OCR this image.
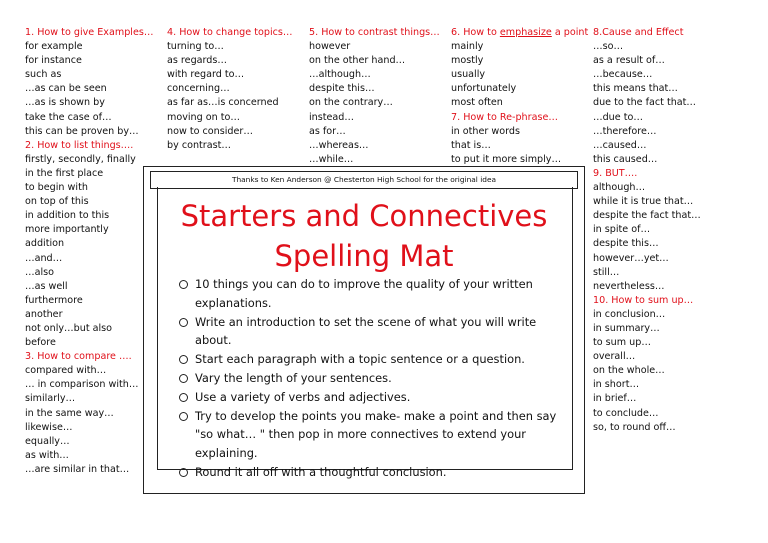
1. How to give Examples…
for example
for instance
such as
…as can be seen
…as is shown by
take the case of…
this can be proven by…
2. How to list things….
firstly, secondly, finally
in the first place
to begin with
on top of this
in addition to this
more importantly
addition
…and…
…also
…as well
furthermore
another
not only…but also
before
3. How to compare ….
compared with…
… in comparison with…
similarly…
in the same way…
likewise…
equally…
as with…
…are similar in that…
4. How to change topics…
turning to…
as regards…
with regard to…
concerning…
as far as…is concerned
moving on to…
now to consider…
by contrast…
5. How to contrast things…
however
on the other hand…
…although…
despite this…
on the contrary…
instead…
as for…
…whereas…
…while…
6. How to emphasize a point
mainly
mostly
usually
unfortunately
most often
7. How to Re-phrase…
in other words
that is…
to put it more simply…
8.Cause and Effect
…so…
as a result of…
…because…
this means that…
due to the fact that…
…due to…
…therefore…
…caused…
this caused…
9. BUT….
although…
while it is true that…
despite the fact that…
in spite of…
despite this…
however…yet…
still…
nevertheless…
10. How to sum up…
in conclusion…
in summary…
to sum up…
overall…
on the whole…
in short…
in brief…
to conclude…
so, to round off…
Thanks to Ken Anderson @ Chesterton High School for the original idea
Starters and Connectives
Spelling Mat
10 things you can do to improve the quality of your written explanations.
Write an introduction to set the scene of what you will write about.
Start each paragraph with a topic sentence or a question.
Vary the length of your sentences.
Use a variety of verbs and adjectives.
Try to develop the points you make- make a point and then say "so what… " then pop in more connectives to extend your explaining.
Round it all off with a thoughtful conclusion.
